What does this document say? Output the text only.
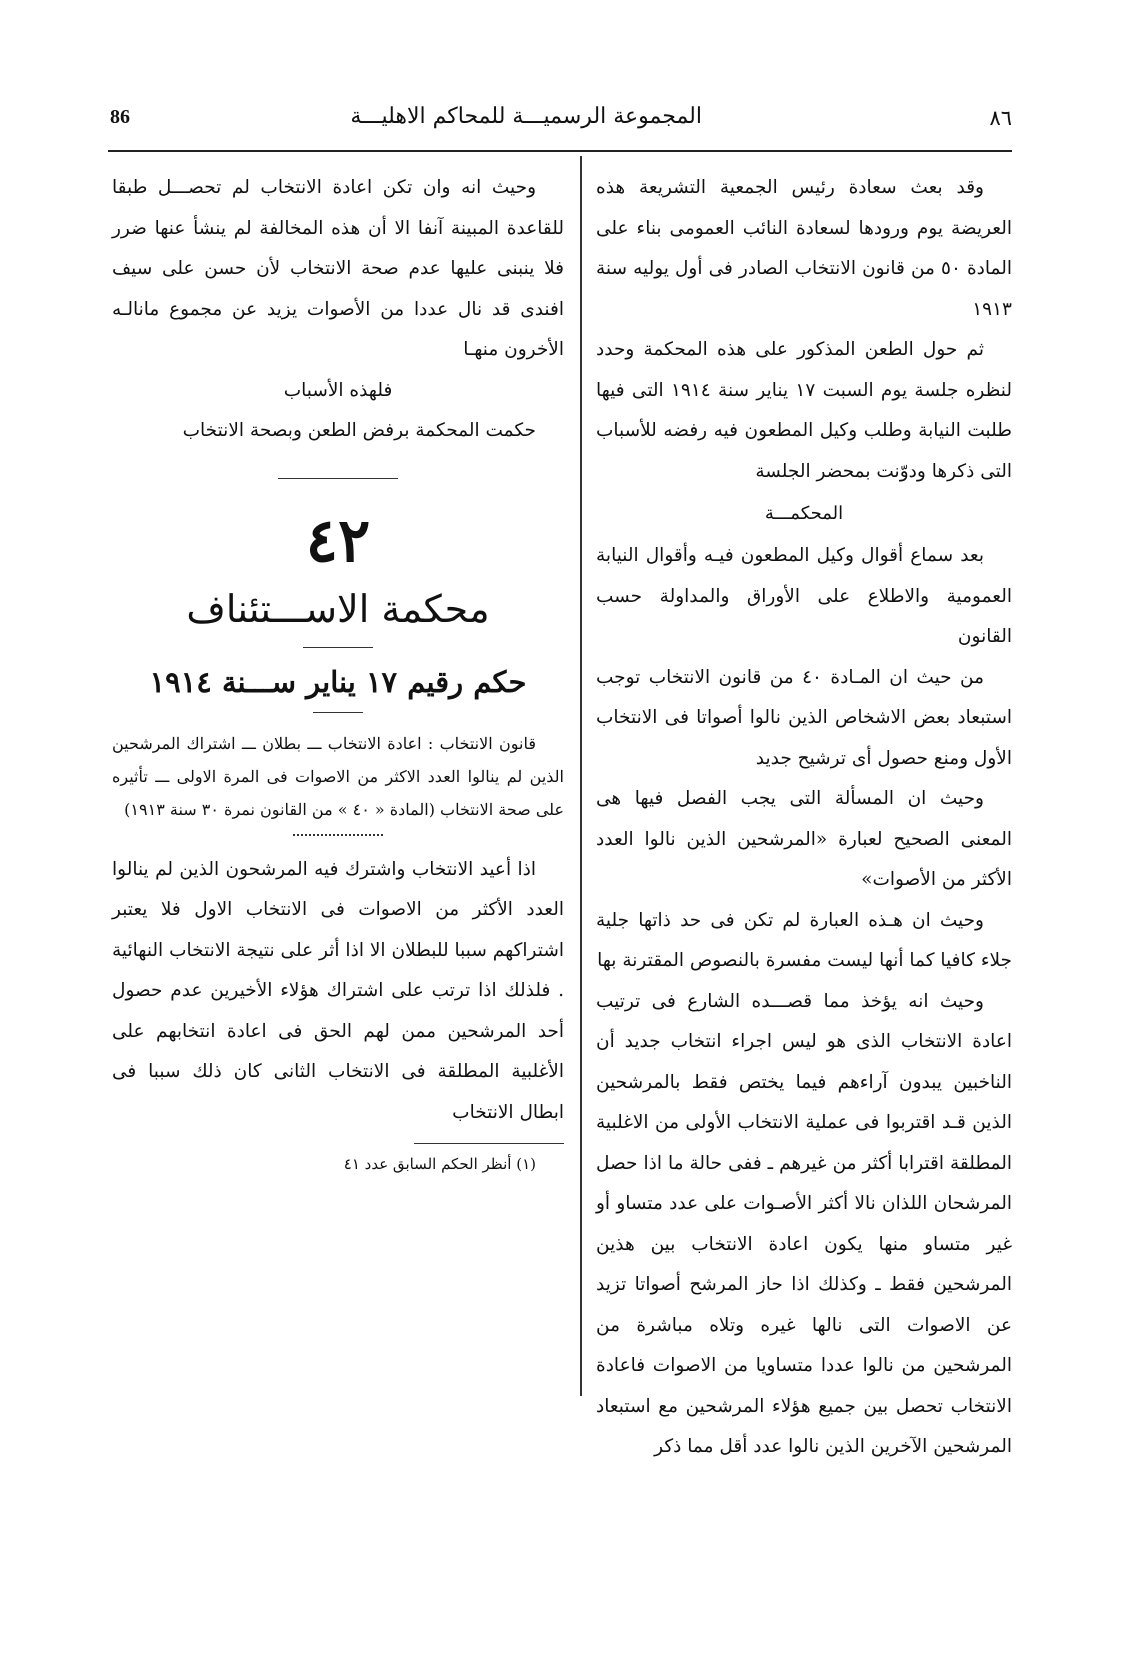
٨٦
المجموعة الرسميـــة للمحاكم الاهليـــة
86

وقد بعث سعادة رئيس الجمعية التشريعة هذه العريضة يوم ورودها لسعادة النائب العمومى بناء على المادة ٥٠ من قانون الانتخاب الصادر فى أول يوليه سنة ١٩١٣

ثم حول الطعن المذكور على هذه المحكمة وحدد لنظره جلسة يوم السبت ١٧ يناير سنة ١٩١٤ التى فيها طلبت النيابة وطلب وكيل المطعون فيه رفضه للأسباب التى ذكرها ودوّنت بمحضر الجلسة

المحكمـــة

بعد سماع أقوال وكيل المطعون فيـه وأقوال النيابة العمومية والاطلاع على الأوراق والمداولة حسب القانون

من حيث ان المـادة ٤٠ من قانون الانتخاب توجب استبعاد بعض الاشخاص الذين نالوا أصواتا فى الانتخاب الأول ومنع حصول أى ترشيح جديد

وحيث ان المسألة التى يجب الفصل فيها هى المعنى الصحيح لعبارة «المرشحين الذين نالوا العدد الأكثر من الأصوات»

وحيث ان هـذه العبارة لم تكن فى حد ذاتها جلية جلاء كافيا كما أنها ليست مفسرة بالنصوص المقترنة بها

وحيث انه يؤخذ مما قصـــده الشارع فى ترتيب اعادة الانتخاب الذى هو ليس اجراء انتخاب جديد أن الناخبين يبدون آراءهم فيما يختص فقط بالمرشحين الذين قـد اقتربوا فى عملية الانتخاب الأولى من الاغلبية المطلقة اقترابا أكثر من غيرهم ـ ففى حالة ما اذا حصل المرشحان اللذان نالا أكثر الأصـوات على عدد متساو أو غير متساو منها يكون اعادة الانتخاب بين هذين المرشحين فقط ـ وكذلك اذا حاز المرشح أصواتا تزيد عن الاصوات التى نالها غيره وتلاه مباشرة من المرشحين من نالوا عددا متساويا من الاصوات فاعادة الانتخاب تحصل بين جميع هؤلاء المرشحين مع استبعاد المرشحين الآخرين الذين نالوا عدد أقل مما ذكر

وحيث انه وان تكن اعادة الانتخاب لم تحصـــل طبقا للقاعدة المبينة آنفا الا أن هذه المخالفة لم ينشأ عنها ضرر فلا ينبنى عليها عدم صحة الانتخاب لأن حسن على سيف افندى قد نال عددا من الأصوات يزيد عن مجموع مانالـه الأخرون منهـا

فلهذه الأسباب

حكمت المحكمة برفض الطعن وبصحة الانتخاب

٤٢
محكمة الاســـتئناف
حكم رقيم ١٧ يناير ســـنة ١٩١٤

قانون الانتخاب : اعادة الانتخاب ـــ بطلان ـــ اشتراك المرشحين الذين لم ينالوا العدد الاكثر من الاصوات فى المرة الاولى ـــ تأثيره على صحة الانتخاب (المادة « ٤٠ » من القانون نمرة ٣٠ سنة ١٩١٣)

اذا أعيد الانتخاب واشترك فيه المرشحون الذين لم ينالوا العدد الأكثر من الاصوات فى الانتخاب الاول فلا يعتبر اشتراكهم سببا للبطلان الا اذا أثر على نتيجة الانتخاب النهائية . فلذلك اذا ترتب على اشتراك هؤلاء الأخيرين عدم حصول أحد المرشحين ممن لهم الحق فى اعادة انتخابهم على الأغلبية المطلقة فى الانتخاب الثانى كان ذلك سببا فى ابطال الانتخاب

(١) أنظر الحكم السابق عدد ٤١
